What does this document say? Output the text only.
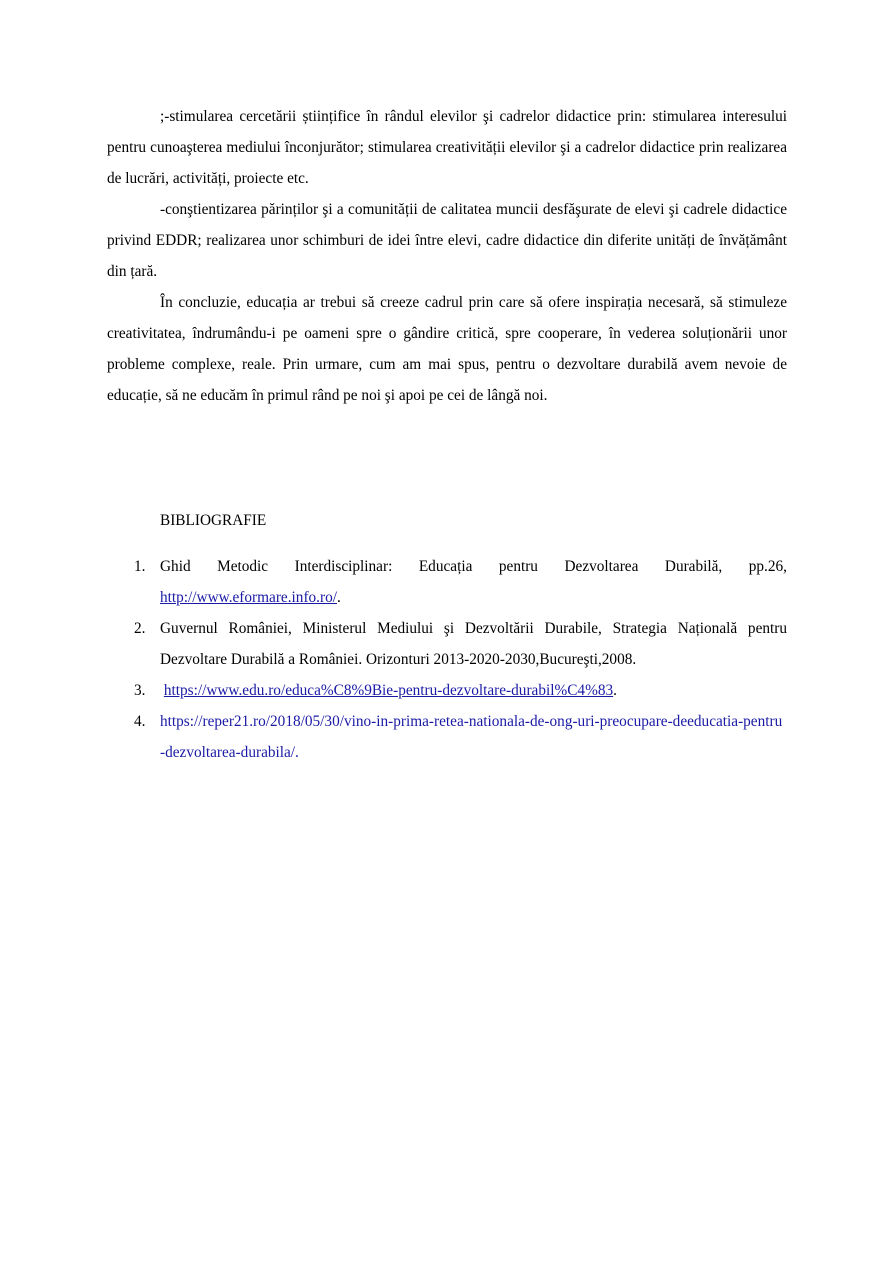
;-stimularea cercetării științifice în rândul elevilor şi cadrelor didactice prin: stimularea interesului pentru cunoaşterea mediului înconjurător; stimularea creativității elevilor şi a cadrelor didactice prin realizarea de lucrări, activități, proiecte etc.

-conştientizarea părinților şi a comunității de calitatea muncii desfăşurate de elevi şi cadrele didactice privind EDDR; realizarea unor schimburi de idei între elevi, cadre didactice din diferite unități de învățământ din țară.

În concluzie, educația ar trebui să creeze cadrul prin care să ofere inspirația necesară, să stimuleze creativitatea, îndrumându-i pe oameni spre o gândire critică, spre cooperare, în vederea soluționării unor probleme complexe, reale. Prin urmare, cum am mai spus, pentru o dezvoltare durabilă avem nevoie de educație, să ne educăm în primul rând pe noi şi apoi pe cei de lângă noi.

BIBLIOGRAFIE

1. Ghid Metodic Interdisciplinar: Educația pentru Dezvoltarea Durabilă, pp.26, http://www.eformare.info.ro/.
2. Guvernul României, Ministerul Mediului şi Dezvoltării Durabile, Strategia Națională pentru Dezvoltare Durabilă a României. Orizonturi 2013-2020-2030,Bucureşti,2008.
3. https://www.edu.ro/educa%C8%9Bie-pentru-dezvoltare-durabil%C4%83.
4. https://reper21.ro/2018/05/30/vino-in-prima-retea-nationala-de-ong-uri-preocupare-deeducatia-pentru-dezvoltarea-durabila/.
